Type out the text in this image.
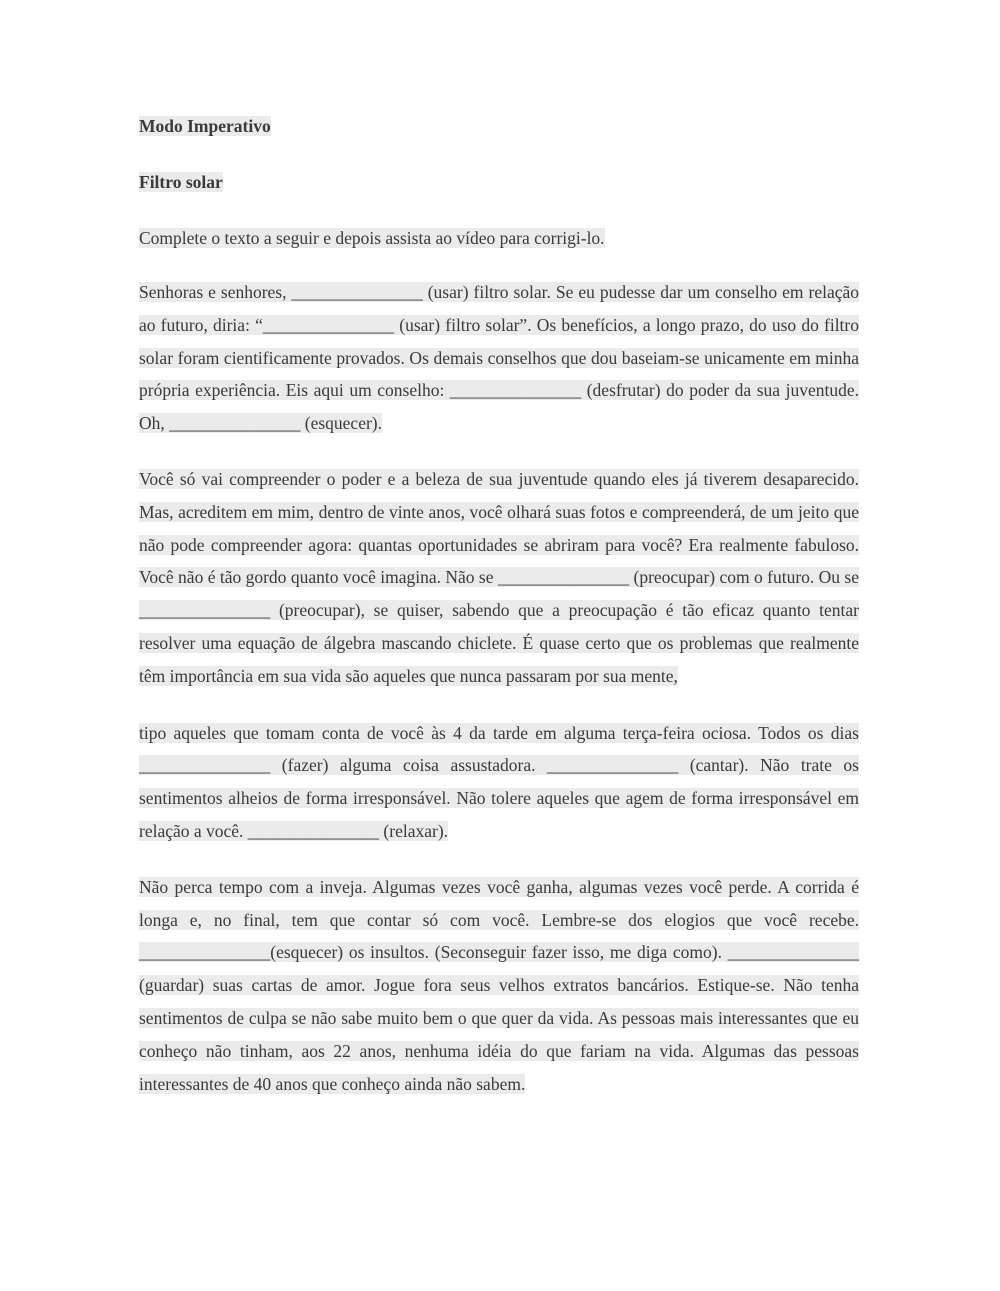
Modo Imperativo

Filtro solar

Complete o texto a seguir e depois assista ao vídeo para corrigi-lo.

Senhoras e senhores, _______________ (usar) filtro solar. Se eu pudesse dar um conselho em relação ao futuro, diria: “_______________ (usar) filtro solar”. Os benefícios, a longo prazo, do uso do filtro solar foram cientificamente provados. Os demais conselhos que dou baseiam-se unicamente em minha própria experiência. Eis aqui um conselho: _______________ (desfrutar) do poder da sua juventude. Oh, _______________ (esquecer).

Você só vai compreender o poder e a beleza de sua juventude quando eles já tiverem desaparecido. Mas, acreditem em mim, dentro de vinte anos, você olhará suas fotos e compreenderá, de um jeito que não pode compreender agora: quantas oportunidades se abriram para você? Era realmente fabuloso. Você não é tão gordo quanto você imagina. Não se _______________ (preocupar) com o futuro. Ou se _______________ (preocupar), se quiser, sabendo que a preocupação é tão eficaz quanto tentar resolver uma equação de álgebra mascando chiclete. É quase certo que os problemas que realmente têm importância em sua vida são aqueles que nunca passaram por sua mente,

tipo aqueles que tomam conta de você às 4 da tarde em alguma terça-feira ociosa. Todos os dias _______________ (fazer) alguma coisa assustadora. _______________ (cantar). Não trate os sentimentos alheios de forma irresponsável. Não tolere aqueles que agem de forma irresponsável em relação a você. _______________ (relaxar).

Não perca tempo com a inveja. Algumas vezes você ganha, algumas vezes você perde. A corrida é longa e, no final, tem que contar só com você. Lembre-se dos elogios que você recebe. _______________(esquecer) os insultos. (Seconseguir fazer isso, me diga como). _______________ (guardar) suas cartas de amor. Jogue fora seus velhos extratos bancários. Estique-se. Não tenha sentimentos de culpa se não sabe muito bem o que quer da vida. As pessoas mais interessantes que eu conheço não tinham, aos 22 anos, nenhuma idéia do que fariam na vida. Algumas das pessoas interessantes de 40 anos que conheço ainda não sabem.
